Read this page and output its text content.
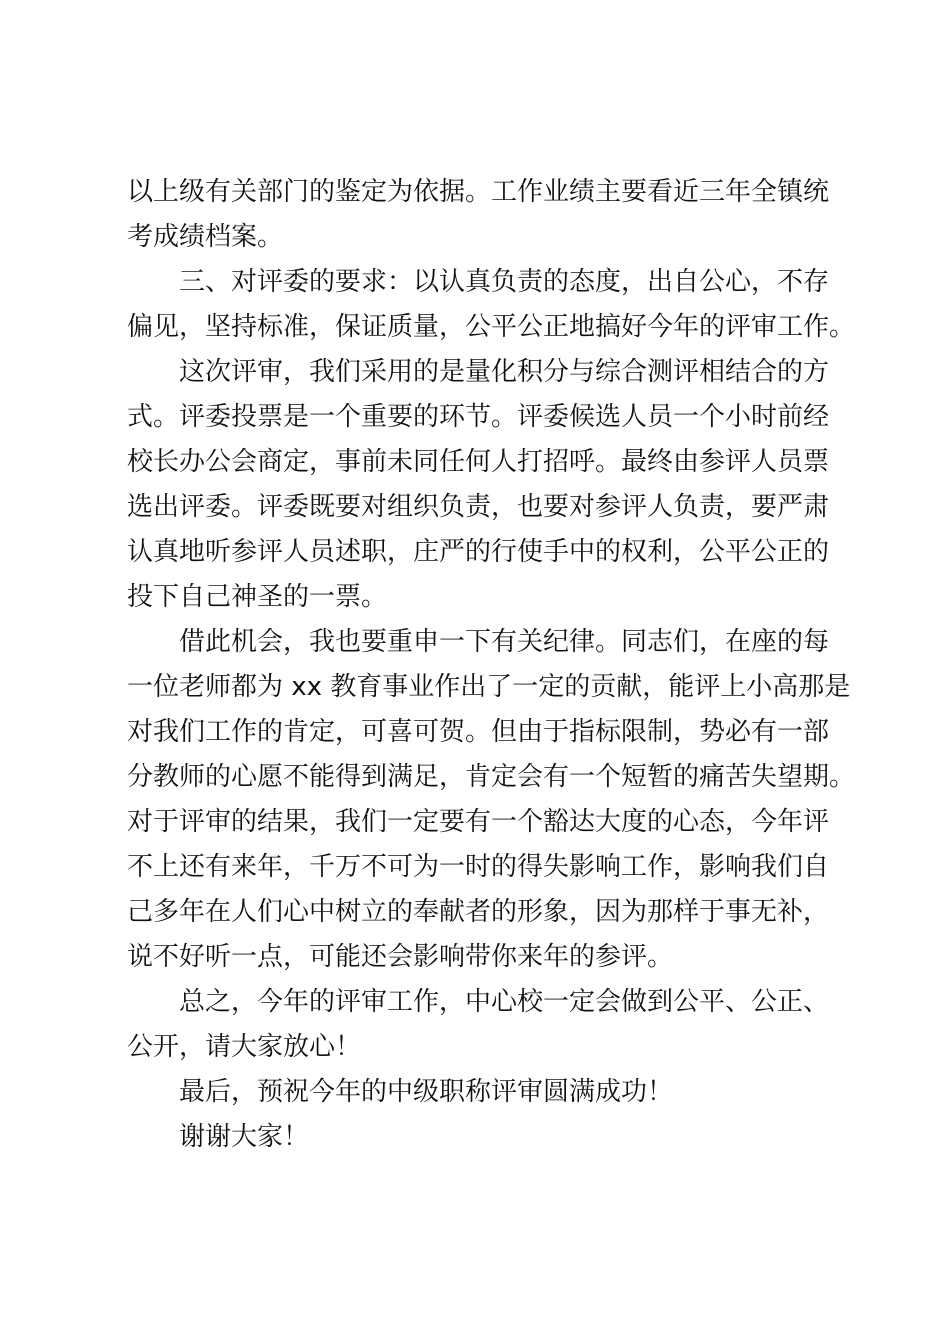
以上级有关部门的鉴定为依据。工作业绩主要看近三年全镇统
考成绩档案。

三、对评委的要求：以认真负责的态度，出自公心，不存
偏见，坚持标准，保证质量，公平公正地搞好今年的评审工作。

这次评审，我们采用的是量化积分与综合测评相结合的方
式。评委投票是一个重要的环节。评委候选人员一个小时前经
校长办公会商定，事前未同任何人打招呼。最终由参评人员票
选出评委。评委既要对组织负责，也要对参评人负责，要严肃
认真地听参评人员述职，庄严的行使手中的权利，公平公正的
投下自己神圣的一票。

借此机会，我也要重申一下有关纪律。同志们，在座的每
一位老师都为 xx 教育事业作出了一定的贡献，能评上小高那是
对我们工作的肯定，可喜可贺。但由于指标限制，势必有一部
分教师的心愿不能得到满足，肯定会有一个短暂的痛苦失望期。
对于评审的结果，我们一定要有一个豁达大度的心态，今年评
不上还有来年，千万不可为一时的得失影响工作，影响我们自
己多年在人们心中树立的奉献者的形象，因为那样于事无补，
说不好听一点，可能还会影响带你来年的参评。

总之，今年的评审工作，中心校一定会做到公平、公正、
公开，请大家放心！

最后，预祝今年的中级职称评审圆满成功！

谢谢大家！
